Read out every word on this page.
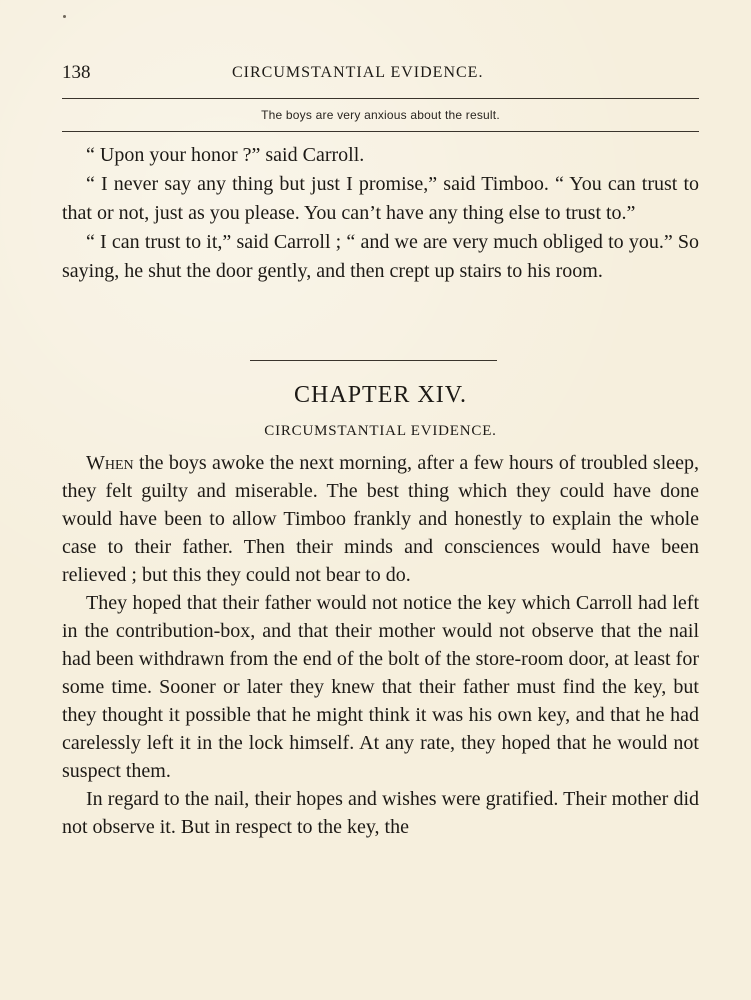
138	CIRCUMSTANTIAL EVIDENCE.
The boys are very anxious about the result.

“ Upon your honor ?” said Carroll.

“ I never say any thing but just I promise,” said Timboo. “ You can trust to that or not, just as you please. You can’t have any thing else to trust to.”

“ I can trust to it,” said Carroll ; “ and we are very much obliged to you.” So saying, he shut the door gently, and then crept up stairs to his room.

CHAPTER XIV.
CIRCUMSTANTIAL EVIDENCE.

When the boys awoke the next morning, after a few hours of troubled sleep, they felt guilty and miserable. The best thing which they could have done would have been to allow Timboo frankly and honestly to explain the whole case to their father. Then their minds and consciences would have been relieved ; but this they could not bear to do.

They hoped that their father would not notice the key which Carroll had left in the contribution-box, and that their mother would not observe that the nail had been withdrawn from the end of the bolt of the store-room door, at least for some time. Sooner or later they knew that their father must find the key, but they thought it possible that he might think it was his own key, and that he had carelessly left it in the lock himself. At any rate, they hoped that he would not suspect them.

In regard to the nail, their hopes and wishes were gratified. Their mother did not observe it. But in respect to the key, the
